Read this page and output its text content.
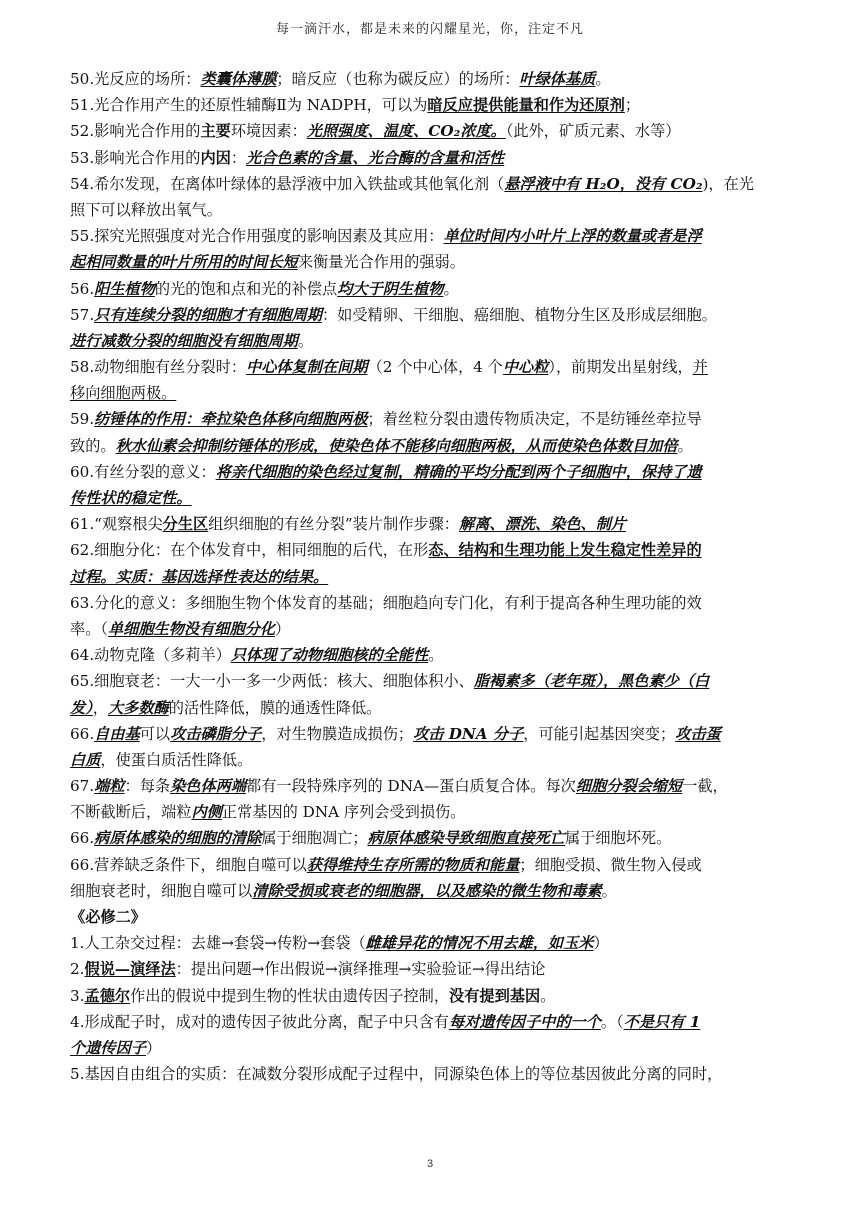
每一滴汗水，都是未来的闪耀星光，你，注定不凡
50.光反应的场所：类囊体薄膜；暗反应（也称为碳反应）的场所：叶绿体基质。
51.光合作用产生的还原性辅酶Ⅱ为 NADPH，可以为暗反应提供能量和作为还原剂；
52.影响光合作用的主要环境因素：光照强度、温度、CO₂浓度。（此外，矿质元素、水等）
53.影响光合作用的内因：光合色素的含量、光合酶的含量和活性
54.希尔发现，在离体叶绿体的悬浮液中加入铁盐或其他氧化剂（悬浮液中有 H₂O，没有 CO₂)，在光
照下可以释放出氧气。
55.探究光照强度对光合作用强度的影响因素及其应用：单位时间内小叶片上浮的数量或者是浮
起相同数量的叶片所用的时间长短来衡量光合作用的强弱。
56.阳生植物的光的饱和点和光的补偿点均大于阴生植物。
57.只有连续分裂的细胞才有细胞周期：如受精卵、干细胞、癌细胞、植物分生区及形成层细胞。
进行减数分裂的细胞没有细胞周期。
58.动物细胞有丝分裂时：中心体复制在间期（2 个中心体，4 个中心粒），前期发出星射线，并
移向细胞两极。
59.纺锤体的作用：牵拉染色体移向细胞两极；着丝粒分裂由遗传物质决定，不是纺锤丝牵拉导
致的。秋水仙素会抑制纺锤体的形成，使染色体不能移向细胞两极，从而使染色体数目加倍。
60.有丝分裂的意义：将亲代细胞的染色经过复制，精确的平均分配到两个子细胞中，保持了遗
传性状的稳定性。
61.“观察根尖分生区组织细胞的有丝分裂”装片制作步骤：解离、漂洗、染色、制片
62.细胞分化：在个体发育中，相同细胞的后代，在形态、结构和生理功能上发生稳定性差异的
过程。实质：基因选择性表达的结果。
63.分化的意义：多细胞生物个体发育的基础；细胞趋向专门化，有利于提高各种生理功能的效
率。（单细胞生物没有细胞分化）
64.动物克隆（多莉羊）只体现了动物细胞核的全能性。
65.细胞衰老：一大一小一多一少两低：核大、细胞体积小、脂褐素多（老年斑），黑色素少（白
发），大多数酶的活性降低，膜的通透性降低。
66.自由基可以攻击磷脂分子，对生物膜造成损伤；攻击 DNA 分子，可能引起基因突变；攻击蛋
白质，使蛋白质活性降低。
67.端粒：每条染色体两端都有一段特殊序列的 DNA—蛋白质复合体。每次细胞分裂会缩短一截，
不断截断后，端粒内侧正常基因的 DNA 序列会受到损伤。
66.病原体感染的细胞的清除属于细胞凋亡；病原体感染导致细胞直接死亡属于细胞坏死。
66.营养缺乏条件下，细胞自噬可以获得维持生存所需的物质和能量；细胞受损、微生物入侵或
细胞衰老时，细胞自噬可以清除受损或衰老的细胞器，以及感染的微生物和毒素。
《必修二》
1.人工杂交过程：去雄→套袋→传粉→套袋（雌雄异花的情况不用去雄，如玉米）
2.假说—演绎法：提出问题→作出假说→演绎推理→实验验证→得出结论
3.孟德尔作出的假说中提到生物的性状由遗传因子控制，没有提到基因。
4.形成配子时，成对的遗传因子彼此分离，配子中只含有每对遗传因子中的一个。（不是只有 1
个遗传因子）
5.基因自由组合的实质：在减数分裂形成配子过程中，同源染色体上的等位基因彼此分离的同时，
3
